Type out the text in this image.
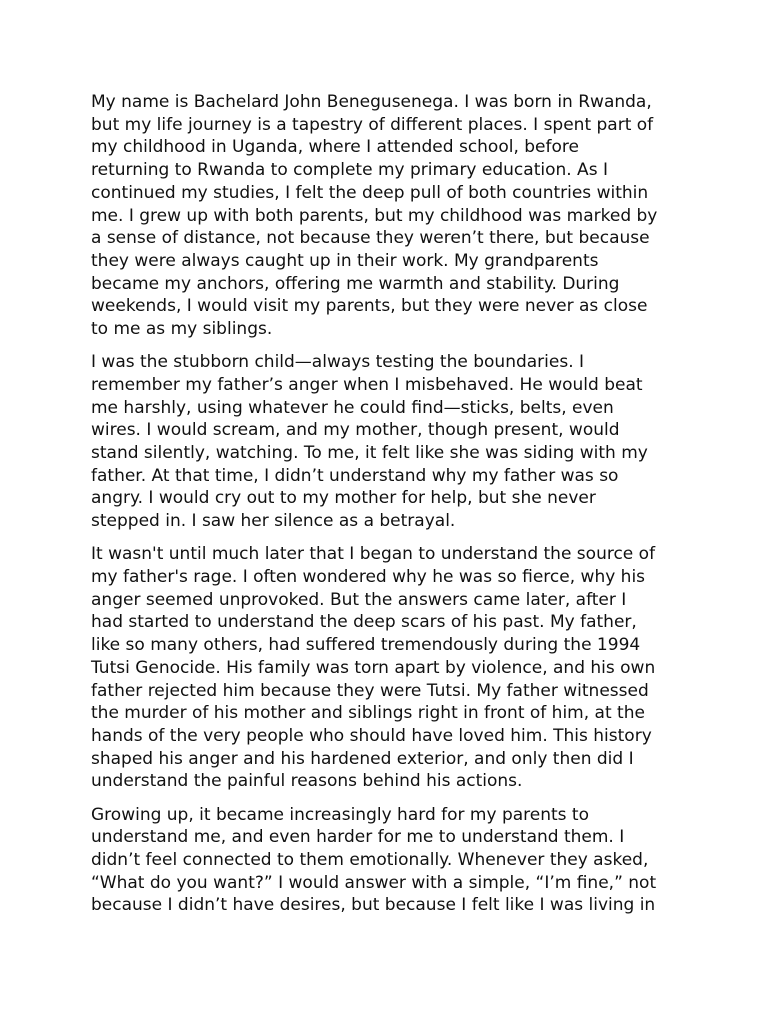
My name is Bachelard John Benegusenega. I was born in Rwanda,
but my life journey is a tapestry of different places. I spent part of
my childhood in Uganda, where I attended school, before
returning to Rwanda to complete my primary education. As I
continued my studies, I felt the deep pull of both countries within
me. I grew up with both parents, but my childhood was marked by
a sense of distance, not because they weren’t there, but because
they were always caught up in their work. My grandparents
became my anchors, offering me warmth and stability. During
weekends, I would visit my parents, but they were never as close
to me as my siblings.

I was the stubborn child—always testing the boundaries. I
remember my father’s anger when I misbehaved. He would beat
me harshly, using whatever he could find—sticks, belts, even
wires. I would scream, and my mother, though present, would
stand silently, watching. To me, it felt like she was siding with my
father. At that time, I didn’t understand why my father was so
angry. I would cry out to my mother for help, but she never
stepped in. I saw her silence as a betrayal.

It wasn't until much later that I began to understand the source of
my father's rage. I often wondered why he was so fierce, why his
anger seemed unprovoked. But the answers came later, after I
had started to understand the deep scars of his past. My father,
like so many others, had suffered tremendously during the 1994
Tutsi Genocide. His family was torn apart by violence, and his own
father rejected him because they were Tutsi. My father witnessed
the murder of his mother and siblings right in front of him, at the
hands of the very people who should have loved him. This history
shaped his anger and his hardened exterior, and only then did I
understand the painful reasons behind his actions.

Growing up, it became increasingly hard for my parents to
understand me, and even harder for me to understand them. I
didn’t feel connected to them emotionally. Whenever they asked,
“What do you want?” I would answer with a simple, “I’m fine,” not
because I didn’t have desires, but because I felt like I was living in
